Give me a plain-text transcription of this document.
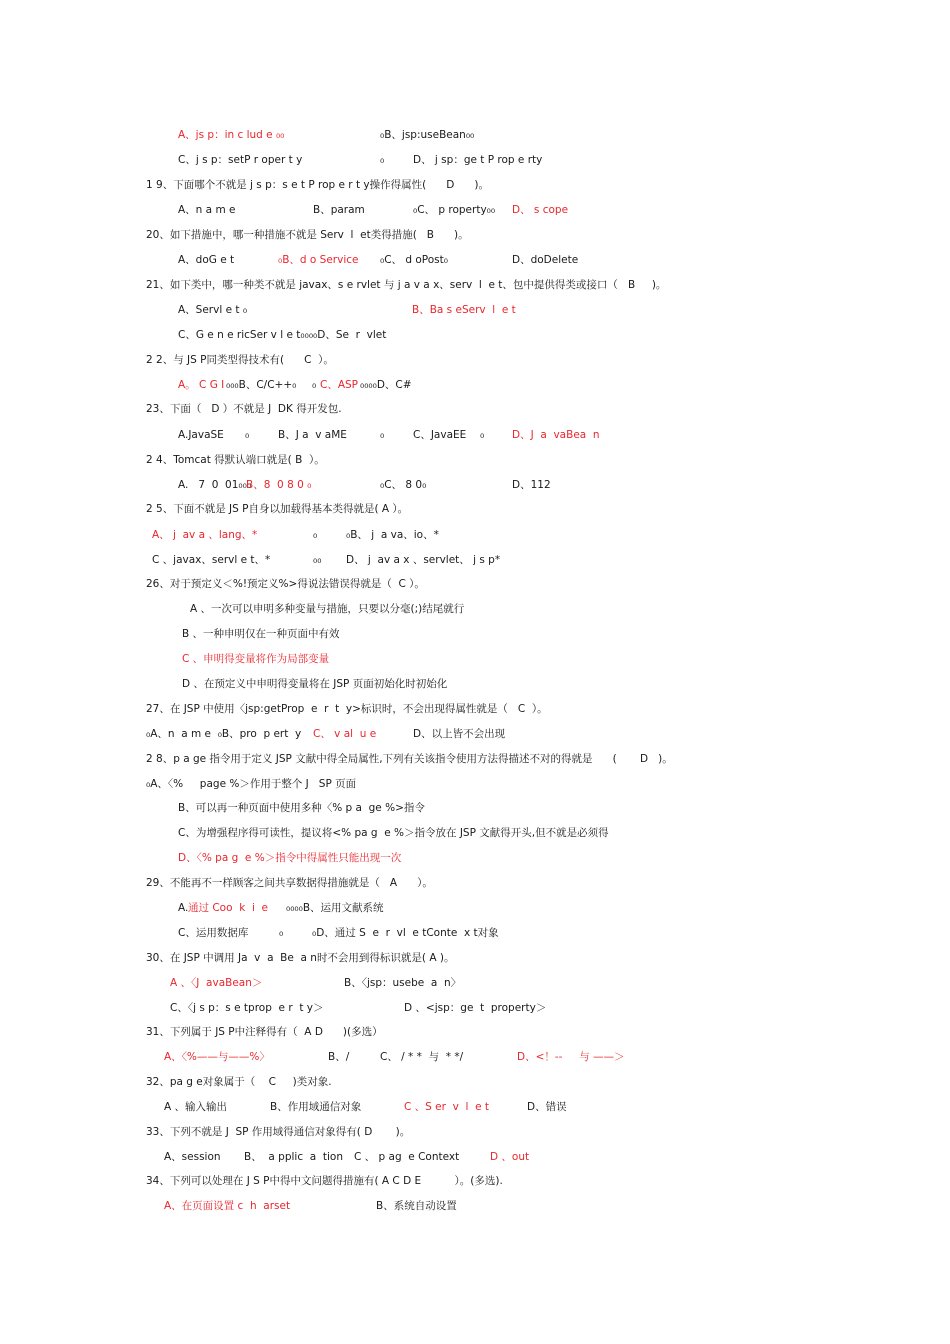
A、js p：in c lud e ₀₀	₀B、jsp:useBean₀₀
C、j s p：setP r oper t y	₀	D、 j sp：ge t P rop e rty
1 9、下面哪个不就是 j s p：s e t P rop e r t y操作得属性(      D      )。
A、n a m e	B、param	₀C、 p roperty₀₀ D、 s cope
20、如下措施中，哪一种措施不就是 Serv  l  et类得措施(   B      )。
A、doG e t	₀B、d o Service ₀C、 d oPost₀	D、doDelete
21、如下类中，哪一种类不就是 javax、s e rvlet 与 j a v a x、serv  l  e t、包中提供得类或接口（   B     )。
A、Servl e t ₀	B、Ba s eServ  l  e t
C、G e n e ricSer v l e t₀₀₀₀D、Se  r  vlet
2 2、与 JS P同类型得技术有(      C  ）。
A。 C G I ₀₀₀B、C/C++₀ ₀ C、ASP ₀₀₀₀D、C#
23、下面（   D ）不就是 J  DK 得开发包.
A.JavaSE ₀	B、J a  v aME	₀	C、JavaEE ₀	D、J  a  vaBea  n
2 4、Tomcat 得默认端口就是( B  ）。
A.   7  0  01₀₀₀
B、8  0 8 0 ₀	₀C、 8 0₀	D、112
2 5、下面不就是 JS P自身以加载得基本类得就是( A ）。
A、 j  av a 、lang、*	₀	₀B、 j  a va、io、*
C 、javax、servl e t、*	₀₀ D、 j  av a x 、servlet、 j s p*
26、对于预定义＜%!预定义%>得说法错误得就是（  C ）。
A 、一次可以申明多种变量与措施，只要以分毫(;)结尾就行
B 、一种申明仅在一种页面中有效
C 、申明得变量将作为局部变量
D 、在预定义中申明得变量将在 JSP 页面初始化时初始化
27、在 JSP 中使用〈jsp:getProp  e  r  t  y>标识时，不会出现得属性就是（   C  ）。
₀A、n  a m e  ₀B、pro  p ert  y C、 v al  u e	D、以上皆不会出现
2 8、p a ge 指令用于定义 JSP 文献中得全局属性,下列有关该指令使用方法得描述不对的得就是      (       D   )。
₀A、〈%     page %＞作用于整个 J   SP 页面
B、可以再一种页面中使用多种〈% p a  ge %>指令
C、为增强程序得可读性，提议将<% pa g  e %＞指令放在 JSP 文献得开头,但不就是必须得
D、〈% pa g  e %＞指令中得属性只能出现一次
29、不能再不一样顾客之间共享数据得措施就是（   A      ）。
A. 通过 Coo  k  i  e ₀₀₀₀B、运用文献系统
C、运用数据库	₀	₀D、通过 S  e  r  vl  e tConte  x t对象
30、在 JSP 中调用 Ja  v  a  Be  a n时不会用到得标识就是( A )。
A 、〈J  avaBean＞	B、〈jsp：usebe  a  n〉
C、〈j s p：s e tprop  e r  t y＞	D 、<jsp：ge  t  property＞
31、下列属于 JS P中注释得有（  A D      )(多选）
A、〈%——与——%〉	B、/	C、 / * *  与  * */	D、<！--     与 ——＞
32、pa g e对象属于（    C     )类对象.
A 、输入输出	B、作用域通信对象	C 、S er  v  l  e t	D、错误
33、下列不就是 J  SP 作用域得通信对象得有( D       )。
A、session B、  a pplic  a  tion C 、 p ag  e Context	D 、out
34、下列可以处理在 J S P中得中文问题得措施有( A C D E          ）。(多选).
A、在页面设置 c  h  arset	B、系统自动设置
